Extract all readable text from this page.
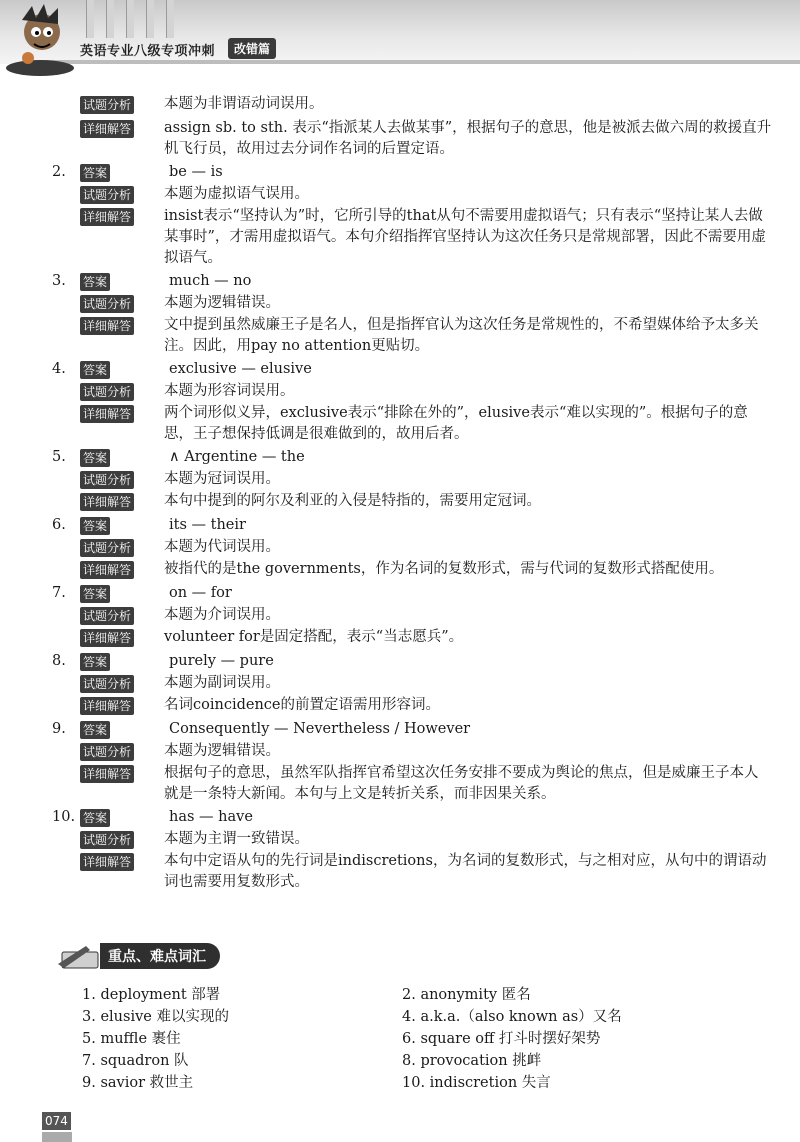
英语专业八级专项冲刺	改错篇
试题分析	本题为非谓语动词误用。
详细解答	assign sb. to sth. 表示“指派某人去做某事”，根据句子的意思，他是被派去做六周的救援直升机飞行员，故用过去分词作名词的后置定语。
2.	答案	be — is
试题分析	本题为虚拟语气误用。
详细解答	insist表示“坚持认为”时，它所引导的that从句不需要用虚拟语气；只有表示“坚持让某人去做某事时”，才需用虚拟语气。本句介绍指挥官坚持认为这次任务只是常规部署，因此不需要用虚拟语气。
3.	答案	much — no
试题分析	本题为逻辑错误。
详细解答	文中提到虽然威廉王子是名人，但是指挥官认为这次任务是常规性的，不希望媒体给予太多关注。因此，用pay no attention更贴切。
4.	答案	exclusive — elusive
试题分析	本题为形容词误用。
详细解答	两个词形似义异，exclusive表示“排除在外的”，elusive表示“难以实现的”。根据句子的意思，王子想保持低调是很难做到的，故用后者。
5.	答案	∧ Argentine — the
试题分析	本题为冠词误用。
详细解答	本句中提到的阿尔及利亚的入侵是特指的，需要用定冠词。
6.	答案	its — their
试题分析	本题为代词误用。
详细解答	被指代的是the governments，作为名词的复数形式，需与代词的复数形式搭配使用。
7.	答案	on — for
试题分析	本题为介词误用。
详细解答	volunteer for是固定搭配，表示“当志愿兵”。
8.	答案	purely — pure
试题分析	本题为副词误用。
详细解答	名词coincidence的前置定语需用形容词。
9.	答案	Consequently — Nevertheless / However
试题分析	本题为逻辑错误。
详细解答	根据句子的意思，虽然军队指挥官希望这次任务安排不要成为舆论的焦点，但是威廉王子本人就是一条特大新闻。本句与上文是转折关系，而非因果关系。
10. 答案	has — have
试题分析	本题为主谓一致错误。
详细解答	本句中定语从句的先行词是indiscretions，为名词的复数形式，与之相对应，从句中的谓语动词也需要用复数形式。
重点、难点词汇
1. deployment 部署	2. anonymity 匿名
3. elusive 难以实现的	4. a.k.a.（also known as）又名
5. muffle 裹住	6. square off 打斗时摆好架势
7. squadron 队	8. provocation 挑衅
9. savior 救世主	10. indiscretion 失言
074
